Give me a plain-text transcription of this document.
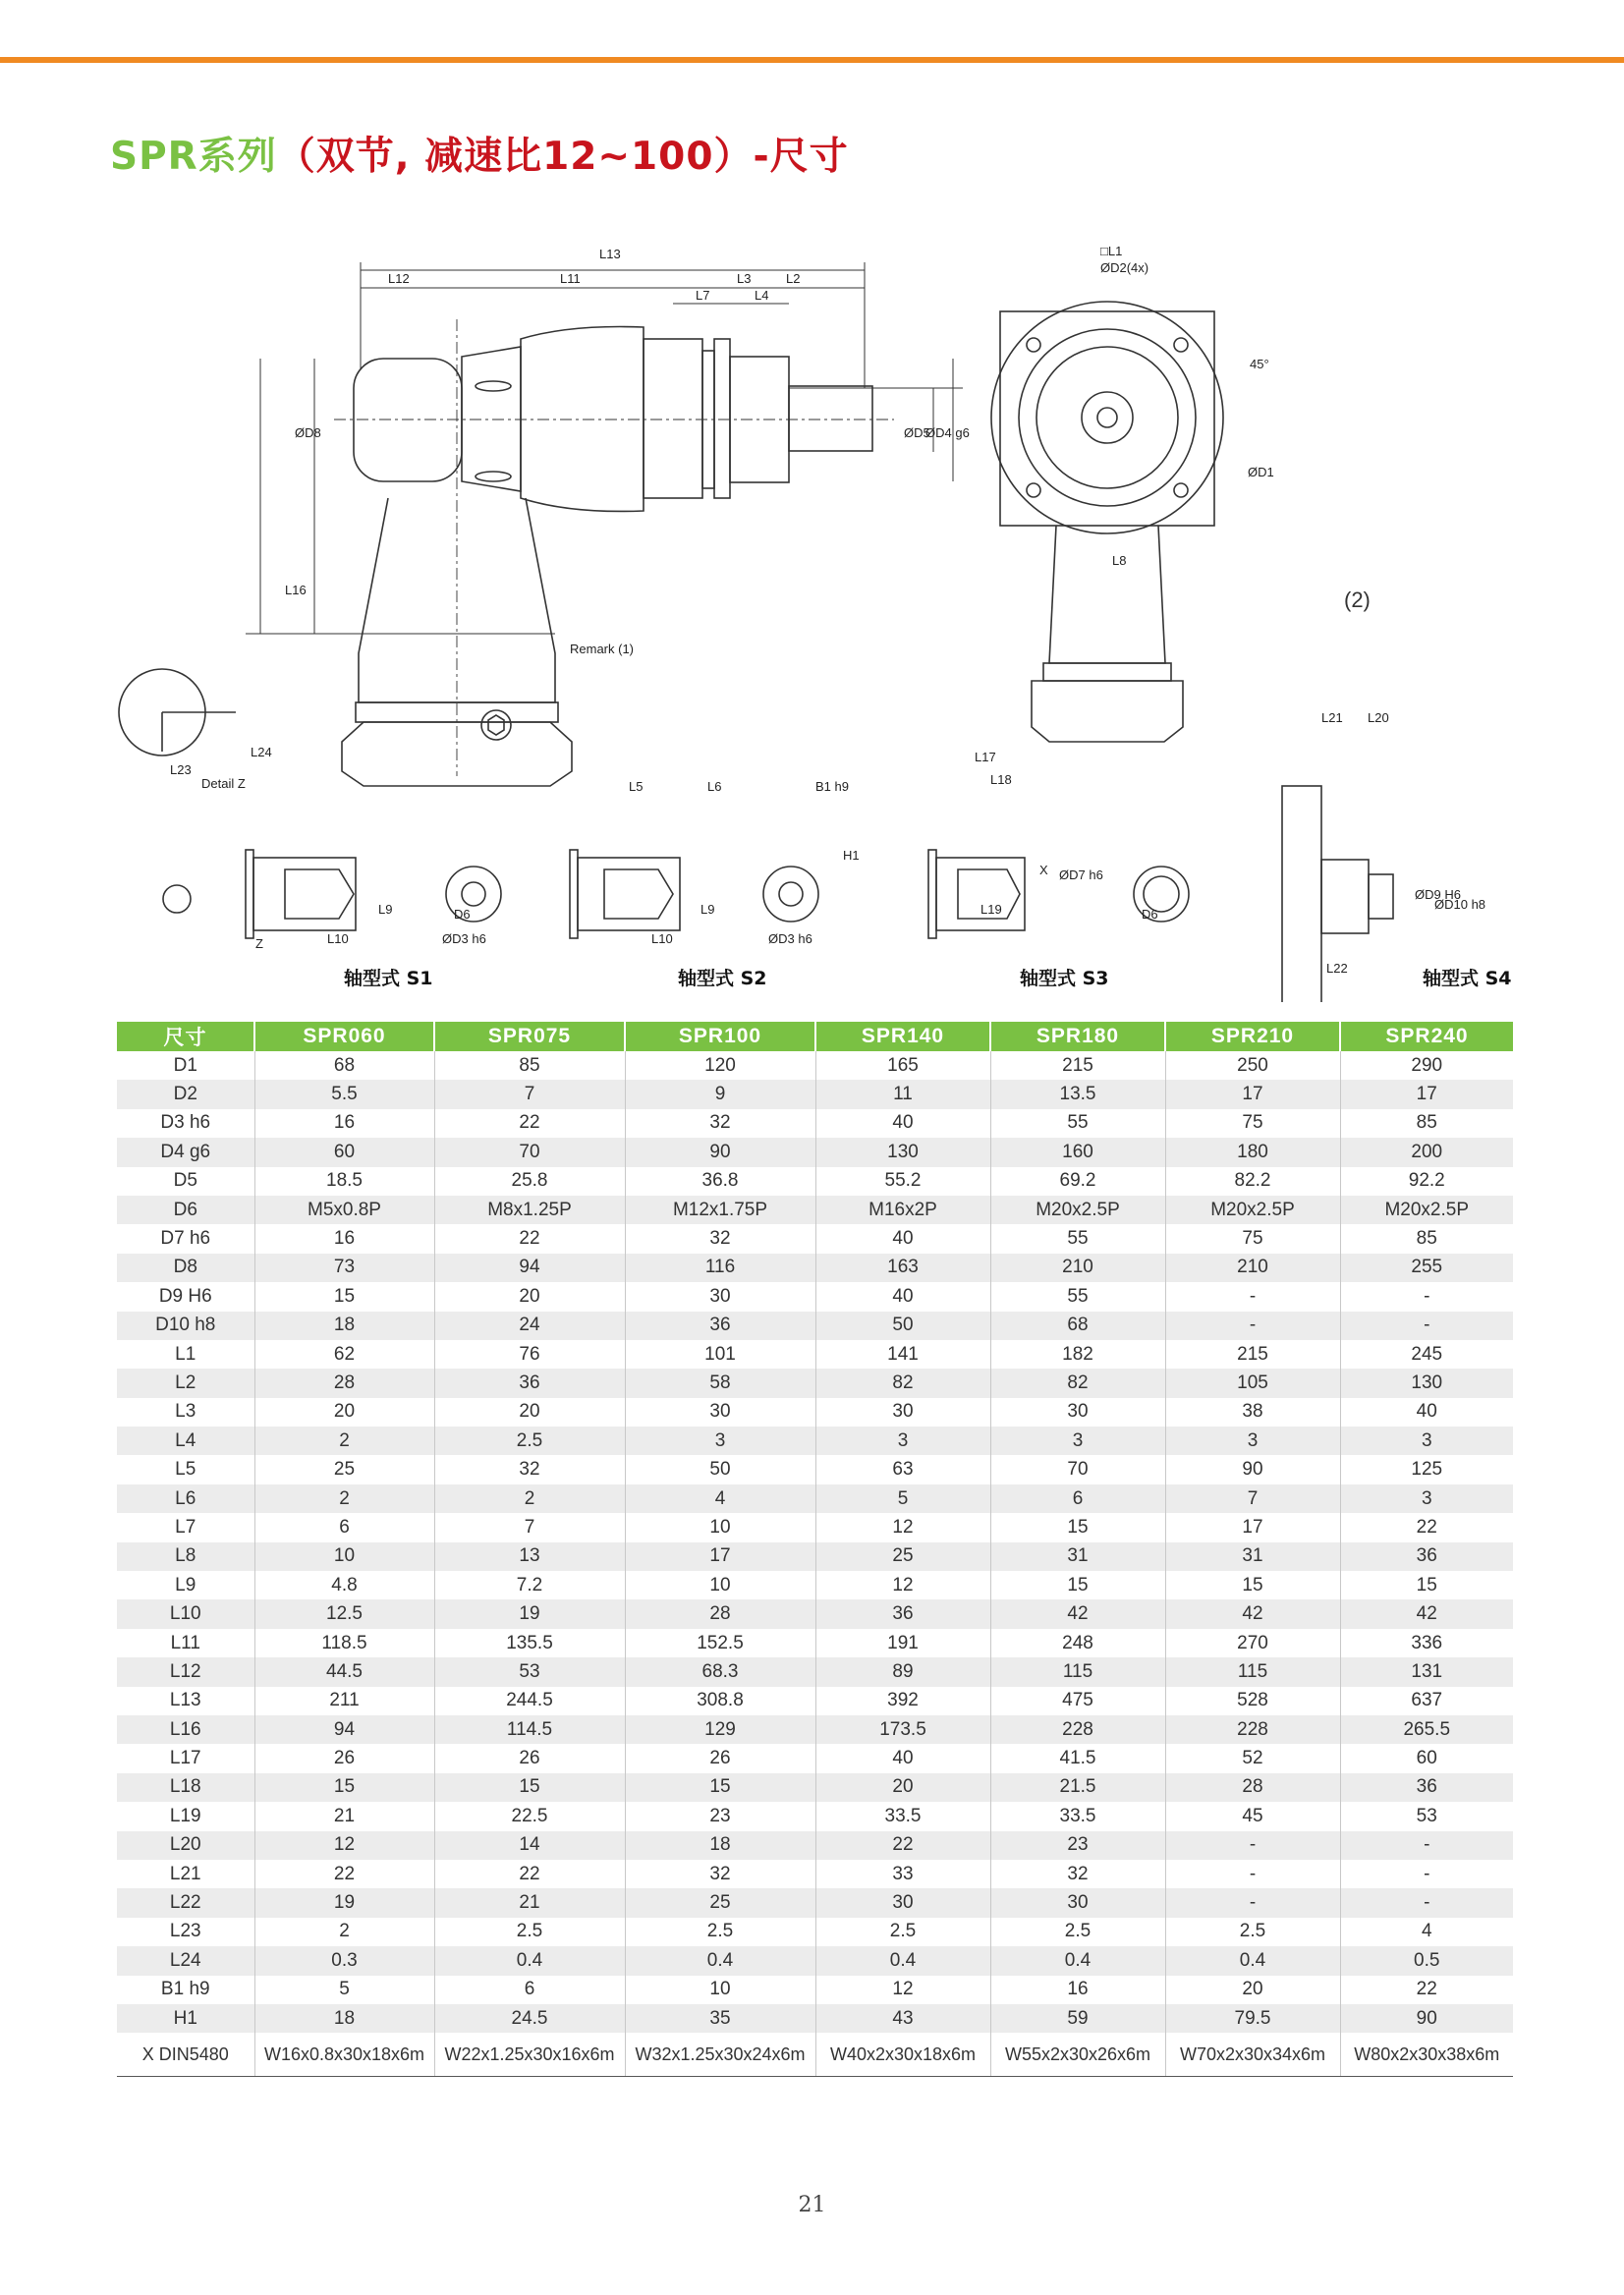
SPR系列（双节, 减速比12~100）-尺寸
L13
L12	L11	L3	L2
L7	L4
ØD8
L16
ØD5
ØD4 g6
Remark (1)
□L1
ØD2(4x)
45°
ØD1
L8
(2)
L24
L23
Detail Z
Z
L9
L10
D6
ØD3 h6
L5	L6	B1 h9
H1
L9
L10	ØD3 h6
L17
L18
X ØD7 h6
L19	D6
L21 L20
ØD9 H6
ØD10 h8
L22
轴型式 S1	轴型式 S2	轴型式 S3	轴型式 S4
尺寸	SPR060	SPR075	SPR100	SPR140	SPR180	SPR210	SPR240
D1	68	85	120	165	215	250	290
D2	5.5	7	9	11	13.5	17	17
D3 h6	16	22	32	40	55	75	85
D4 g6	60	70	90	130	160	180	200
D5	18.5	25.8	36.8	55.2	69.2	82.2	92.2
D6	M5x0.8P	M8x1.25P	M12x1.75P	M16x2P	M20x2.5P	M20x2.5P	M20x2.5P
D7 h6	16	22	32	40	55	75	85
D8	73	94	116	163	210	210	255
D9 H6	15	20	30	40	55	-	-
D10 h8	18	24	36	50	68	-	-
L1	62	76	101	141	182	215	245
L2	28	36	58	82	82	105	130
L3	20	20	30	30	30	38	40
L4	2	2.5	3	3	3	3	3
L5	25	32	50	63	70	90	125
L6	2	2	4	5	6	7	3
L7	6	7	10	12	15	17	22
L8	10	13	17	25	31	31	36
L9	4.8	7.2	10	12	15	15	15
L10	12.5	19	28	36	42	42	42
L11	118.5	135.5	152.5	191	248	270	336
L12	44.5	53	68.3	89	115	115	131
L13	211	244.5	308.8	392	475	528	637
L16	94	114.5	129	173.5	228	228	265.5
L17	26	26	26	40	41.5	52	60
L18	15	15	15	20	21.5	28	36
L19	21	22.5	23	33.5	33.5	45	53
L20	12	14	18	22	23	-	-
L21	22	22	32	33	32	-	-
L22	19	21	25	30	30	-	-
L23	2	2.5	2.5	2.5	2.5	2.5	4
L24	0.3	0.4	0.4	0.4	0.4	0.4	0.5
B1 h9	5	6	10	12	16	20	22
H1	18	24.5	35	43	59	79.5	90
X DIN5480	W16x0.8x30x18x6m	W22x1.25x30x16x6m	W32x1.25x30x24x6m	W40x2x30x18x6m	W55x2x30x26x6m	W70x2x30x34x6m	W80x2x30x38x6m
21
